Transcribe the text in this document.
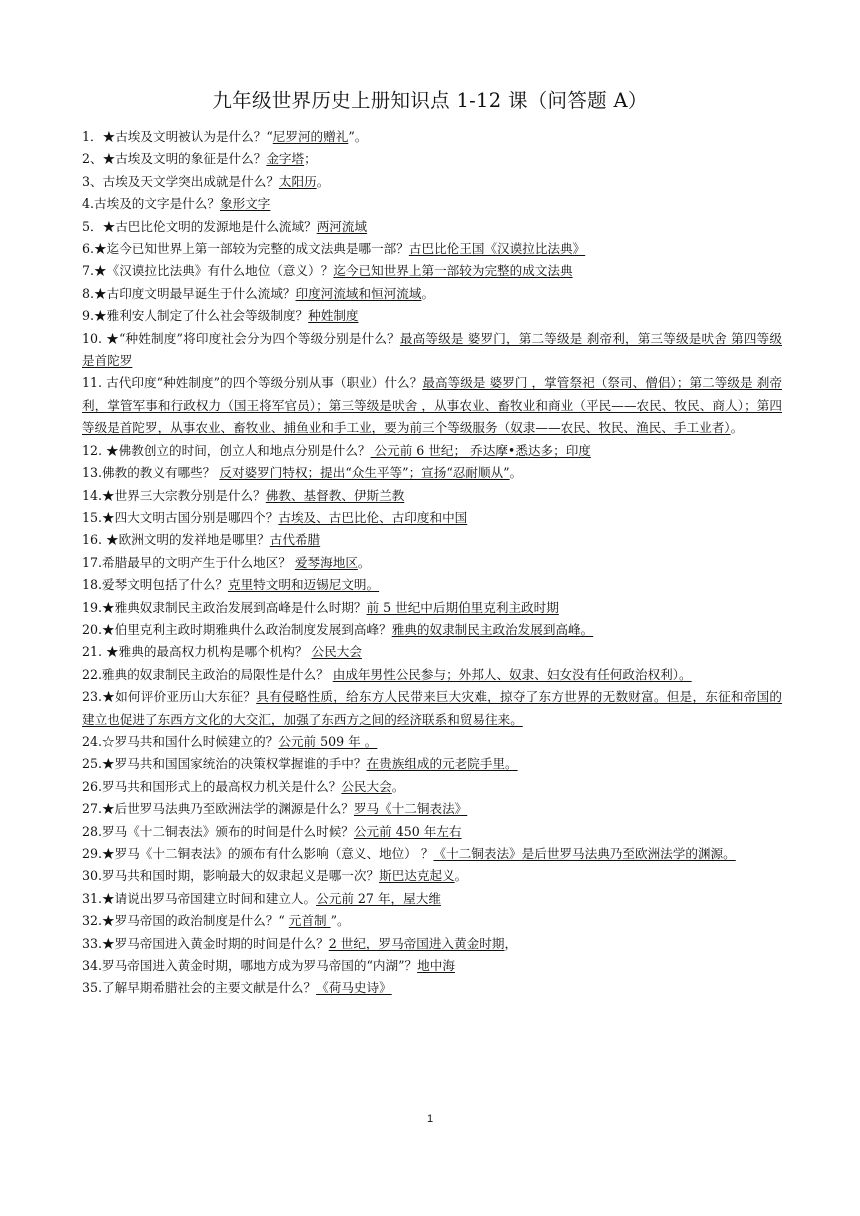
九年级世界历史上册知识点 1-12 课（问答题 A）

1．★古埃及文明被认为是什么？“尼罗河的赠礼”。

2、★古埃及文明的象征是什么？金字塔；

3、古埃及天文学突出成就是什么？太阳历。

4.古埃及的文字是什么？象形文字

5．★古巴比伦文明的发源地是什么流域？两河流域

6.★迄今已知世界上第一部较为完整的成文法典是哪一部？古巴比伦王国《汉谟拉比法典》

7.★《汉谟拉比法典》有什么地位（意义）？迄今已知世界上第一部较为完整的成文法典

8.★古印度文明最早诞生于什么流域？印度河流域和恒河流域。

9.★雅利安人制定了什么社会等级制度？种姓制度

10. ★“种姓制度”将印度社会分为四个等级分别是什么？最高等级是 婆罗门，第二等级是 刹帝利，第三等级是吠舍 第四等级是首陀罗

11. 古代印度“种姓制度”的四个等级分别从事（职业）什么？最高等级是 婆罗门 ，掌管祭祀（祭司、僧侣）；第二等级是 刹帝利，掌管军事和行政权力（国王将军官员）；第三等级是吠舍 ，从事农业、畜牧业和商业（平民——农民、牧民、商人）；第四等级是首陀罗，从事农业、畜牧业、捕鱼业和手工业，要为前三个等级服务（奴隶——农民、牧民、渔民、手工业者）。

12. ★佛教创立的时间，创立人和地点分别是什么？ 公元前 6 世纪； 乔达摩•悉达多；印度

13.佛教的教义有哪些？ 反对婆罗门特权；提出“众生平等”；宣扬“忍耐顺从”。

14.★世界三大宗教分别是什么？佛教、基督教、伊斯兰教

15.★四大文明古国分别是哪四个？古埃及、古巴比伦、古印度和中国

16. ★欧洲文明的发祥地是哪里？古代希腊

17.希腊最早的文明产生于什么地区？ 爱琴海地区。

18.爱琴文明包括了什么？克里特文明和迈锡尼文明。

19.★雅典奴隶制民主政治发展到高峰是什么时期？前 5 世纪中后期伯里克利主政时期

20.★伯里克利主政时期雅典什么政治制度发展到高峰？雅典的奴隶制民主政治发展到高峰。

21. ★雅典的最高权力机构是哪个机构？ 公民大会

22.雅典的奴隶制民主政治的局限性是什么？ 由成年男性公民参与；外邦人、奴隶、妇女没有任何政治权利）。

23.★如何评价亚历山大东征？具有侵略性质，给东方人民带来巨大灾难，掠夺了东方世界的无数财富。但是，东征和帝国的建立也促进了东西方文化的大交汇，加强了东西方之间的经济联系和贸易往来。

24.☆罗马共和国什么时候建立的？公元前 509 年 。

25.★罗马共和国国家统治的决策权掌握谁的手中？在贵族组成的元老院手里。

26.罗马共和国形式上的最高权力机关是什么？公民大会。

27.★后世罗马法典乃至欧洲法学的渊源是什么？罗马《十二铜表法》

28.罗马《十二铜表法》颁布的时间是什么时候？公元前 450 年左右

29.★罗马《十二铜表法》的颁布有什么影响（意义、地位） ？《十二铜表法》是后世罗马法典乃至欧洲法学的渊源。

30.罗马共和国时期，影响最大的奴隶起义是哪一次？斯巴达克起义。

31.★请说出罗马帝国建立时间和建立人。公元前 27 年，屋大维

32.★罗马帝国的政治制度是什么？“ 元首制 ”。

33.★罗马帝国进入黄金时期的时间是什么？2 世纪，罗马帝国进入黄金时期，

34.罗马帝国进入黄金时期，哪地方成为罗马帝国的“内湖”？地中海

35.了解早期希腊社会的主要文献是什么？《荷马史诗》

1
